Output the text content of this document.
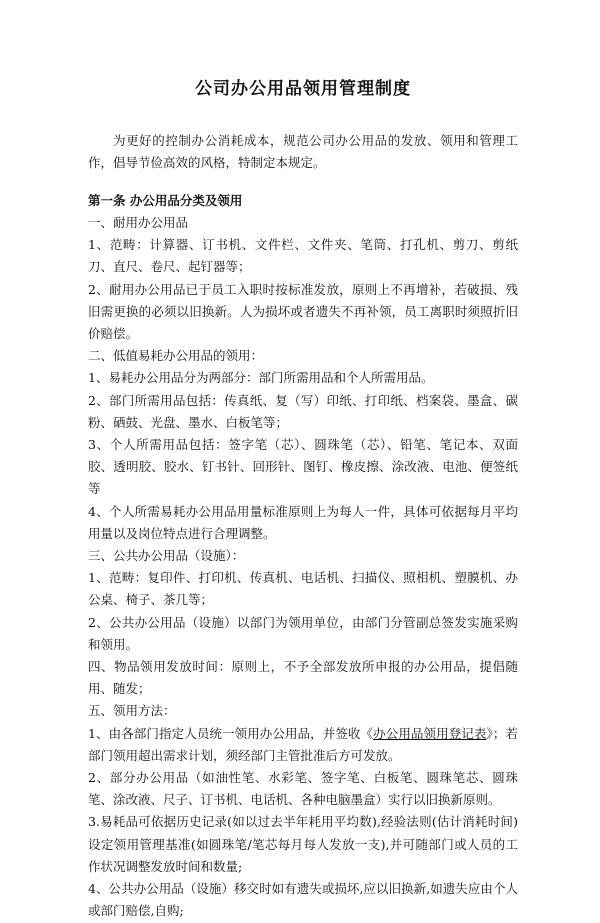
公司办公用品领用管理制度
为更好的控制办公消耗成本，规范公司办公用品的发放、领用和管理工作，倡导节俭高效的风格，特制定本规定。
第一条 办公用品分类及领用
一、耐用办公用品
1、范畴：计算器、订书机、文件栏、文件夹、笔筒、打孔机、剪刀、剪纸刀、直尺、卷尺、起钉器等；
2、耐用办公用品已于员工入职时按标准发放，原则上不再增补，若破损、残旧需更换的必须以旧换新。人为损坏或者遗失不再补领，员工离职时须照折旧价赔偿。
二、低值易耗办公用品的领用：
1、易耗办公用品分为两部分：部门所需用品和个人所需用品。
2、部门所需用品包括：传真纸、复（写）印纸、打印纸、档案袋、墨盒、碳粉、硒鼓、光盘、墨水、白板笔等；
3、个人所需用品包括：签字笔（芯）、圆珠笔（芯）、铅笔、笔记本、双面胶、透明胶、胶水、钉书针、回形针、图钉、橡皮擦、涂改液、电池、便签纸等
4、个人所需易耗办公用品用量标准原则上为每人一件，具体可依据每月平均用量以及岗位特点进行合理调整。
三、公共办公用品（设施）：
1、范畴：复印件、打印机、传真机、电话机、扫描仪、照相机、塑膜机、办公桌、椅子、茶几等；
2、公共办公用品（设施）以部门为领用单位，由部门分管副总签发实施采购和领用。
四、物品领用发放时间：原则上，不予全部发放所申报的办公用品，提倡随用、随发；
五、领用方法：
1、由各部门指定人员统一领用办公用品，并签收《办公用品领用登记表》；若部门领用超出需求计划，须经部门主管批准后方可发放。
2、部分办公用品（如油性笔、水彩笔、签字笔、白板笔、圆珠笔芯、圆珠笔、涂改液、尺子、订书机、电话机、各种电脑墨盒）实行以旧换新原则。
3.易耗品可依据历史记录(如以过去半年耗用平均数),经验法则(估计消耗时间)设定领用管理基准(如圆珠笔/笔芯每月每人发放一支),并可随部门或人员的工作状况调整发放时间和数量;
4、公共办公用品（设施）移交时如有遗失或损坏,应以旧换新,如遗失应由个人或部门赔偿,自购;
